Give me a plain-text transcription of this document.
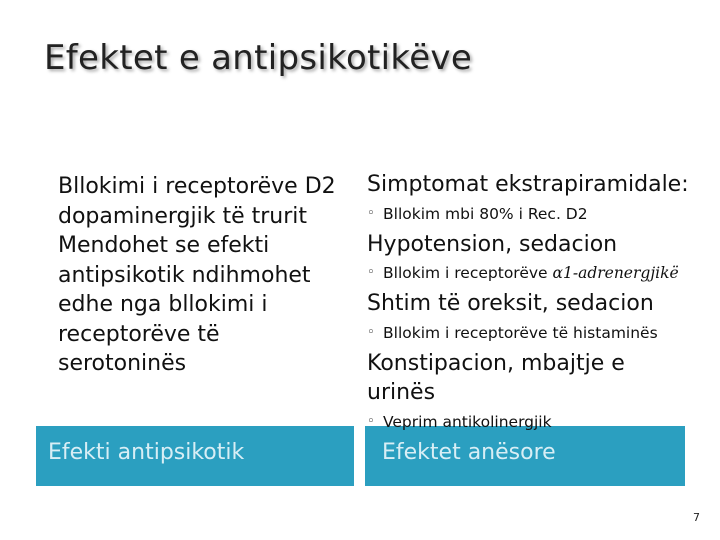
Efektet e antipsikotikëve
Efekti antipsikotik	Efektet anësore
Bllokimi i receptorëve D2 dopaminergjik të trurit
Mendohet se efekti antipsikotik ndihmohet edhe nga bllokimi i receptorëve të serotoninës
Simptomat ekstrapiramidale:
◦ Bllokim mbi 80% i Rec. D2
Hypotension, sedacion
◦ Bllokim i receptorëve α1-adrenergjikë
Shtim të oreksit, sedacion
◦ Bllokim i receptorëve të histaminës
Konstipacion, mbajtje e urinës
◦ Veprim antikolinergjik
7
